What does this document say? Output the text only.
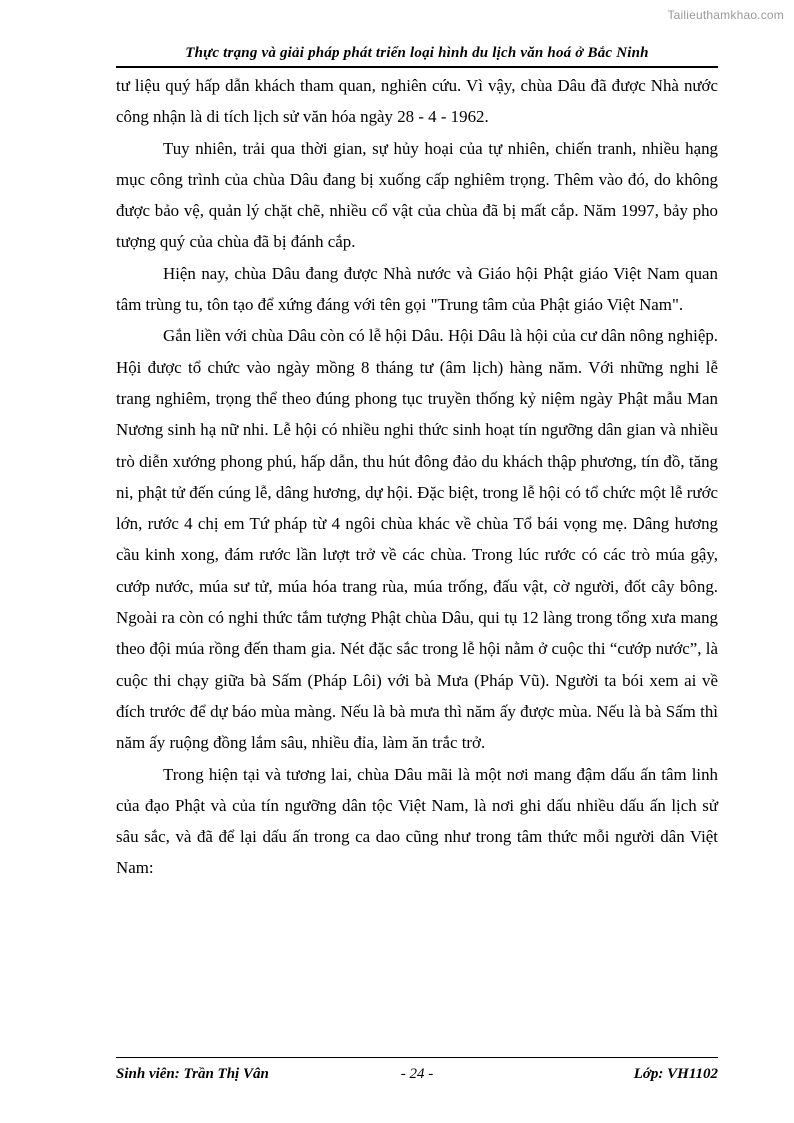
Tailieuthamkhao.com
Thực trạng và giải pháp phát triển loại hình du lịch văn hoá ở Bắc Ninh

tư liệu quý hấp dẫn khách tham quan, nghiên cứu. Vì vậy, chùa Dâu đã được Nhà nước công nhận là di tích lịch sử văn hóa ngày 28 - 4 - 1962.

Tuy nhiên, trải qua thời gian, sự hủy hoại của tự nhiên, chiến tranh, nhiều hạng mục công trình của chùa Dâu đang bị xuống cấp nghiêm trọng. Thêm vào đó, do không được bảo vệ, quản lý chặt chẽ, nhiều cổ vật của chùa đã bị mất cắp. Năm 1997, bảy pho tượng quý của chùa đã bị đánh cắp.

Hiện nay, chùa Dâu đang được Nhà nước và Giáo hội Phật giáo Việt Nam quan tâm trùng tu, tôn tạo để xứng đáng với tên gọi "Trung tâm của Phật giáo Việt Nam".

Gắn liền với chùa Dâu còn có lễ hội Dâu. Hội Dâu là hội của cư dân nông nghiệp. Hội được tổ chức vào ngày mồng 8 tháng tư (âm lịch) hàng năm. Với những nghi lễ trang nghiêm, trọng thể theo đúng phong tục truyền thống kỷ niệm ngày Phật mẫu Man Nương sinh hạ nữ nhi. Lễ hội có nhiều nghi thức sinh hoạt tín ngưỡng dân gian và nhiều trò diễn xướng phong phú, hấp dẫn, thu hút đông đảo du khách thập phương, tín đồ, tăng ni, phật tử đến cúng lễ, dâng hương, dự hội. Đặc biệt, trong lễ hội có tổ chức một lễ rước lớn, rước 4 chị em Tứ pháp từ 4 ngôi chùa khác về chùa Tổ bái vọng mẹ. Dâng hương cầu kinh xong, đám rước lần lượt trở về các chùa. Trong lúc rước có các trò múa gậy, cướp nước, múa sư tử, múa hóa trang rùa, múa trống, đấu vật, cờ người, đốt cây bông. Ngoài ra còn có nghi thức tắm tượng Phật chùa Dâu, qui tụ 12 làng trong tổng xưa mang theo đội múa rồng đến tham gia. Nét đặc sắc trong lễ hội nằm ở cuộc thi “cướp nước”, là cuộc thi chạy giữa bà Sấm (Pháp Lôi) với bà Mưa (Pháp Vũ). Người ta bói xem ai về đích trước để dự báo mùa màng. Nếu là bà mưa thì năm ấy được mùa. Nếu là bà Sấm thì năm ấy ruộng đồng lắm sâu, nhiều đỉa, làm ăn trắc trở.

Trong hiện tại và tương lai, chùa Dâu mãi là một nơi mang đậm dấu ấn tâm linh của đạo Phật và của tín ngưỡng dân tộc Việt Nam, là nơi ghi dấu nhiều dấu ấn lịch sử sâu sắc, và đã để lại dấu ấn trong ca dao cũng như trong tâm thức mỗi người dân Việt Nam:

Sinh viên: Trần Thị Vân	- 24 -	Lớp: VH1102
